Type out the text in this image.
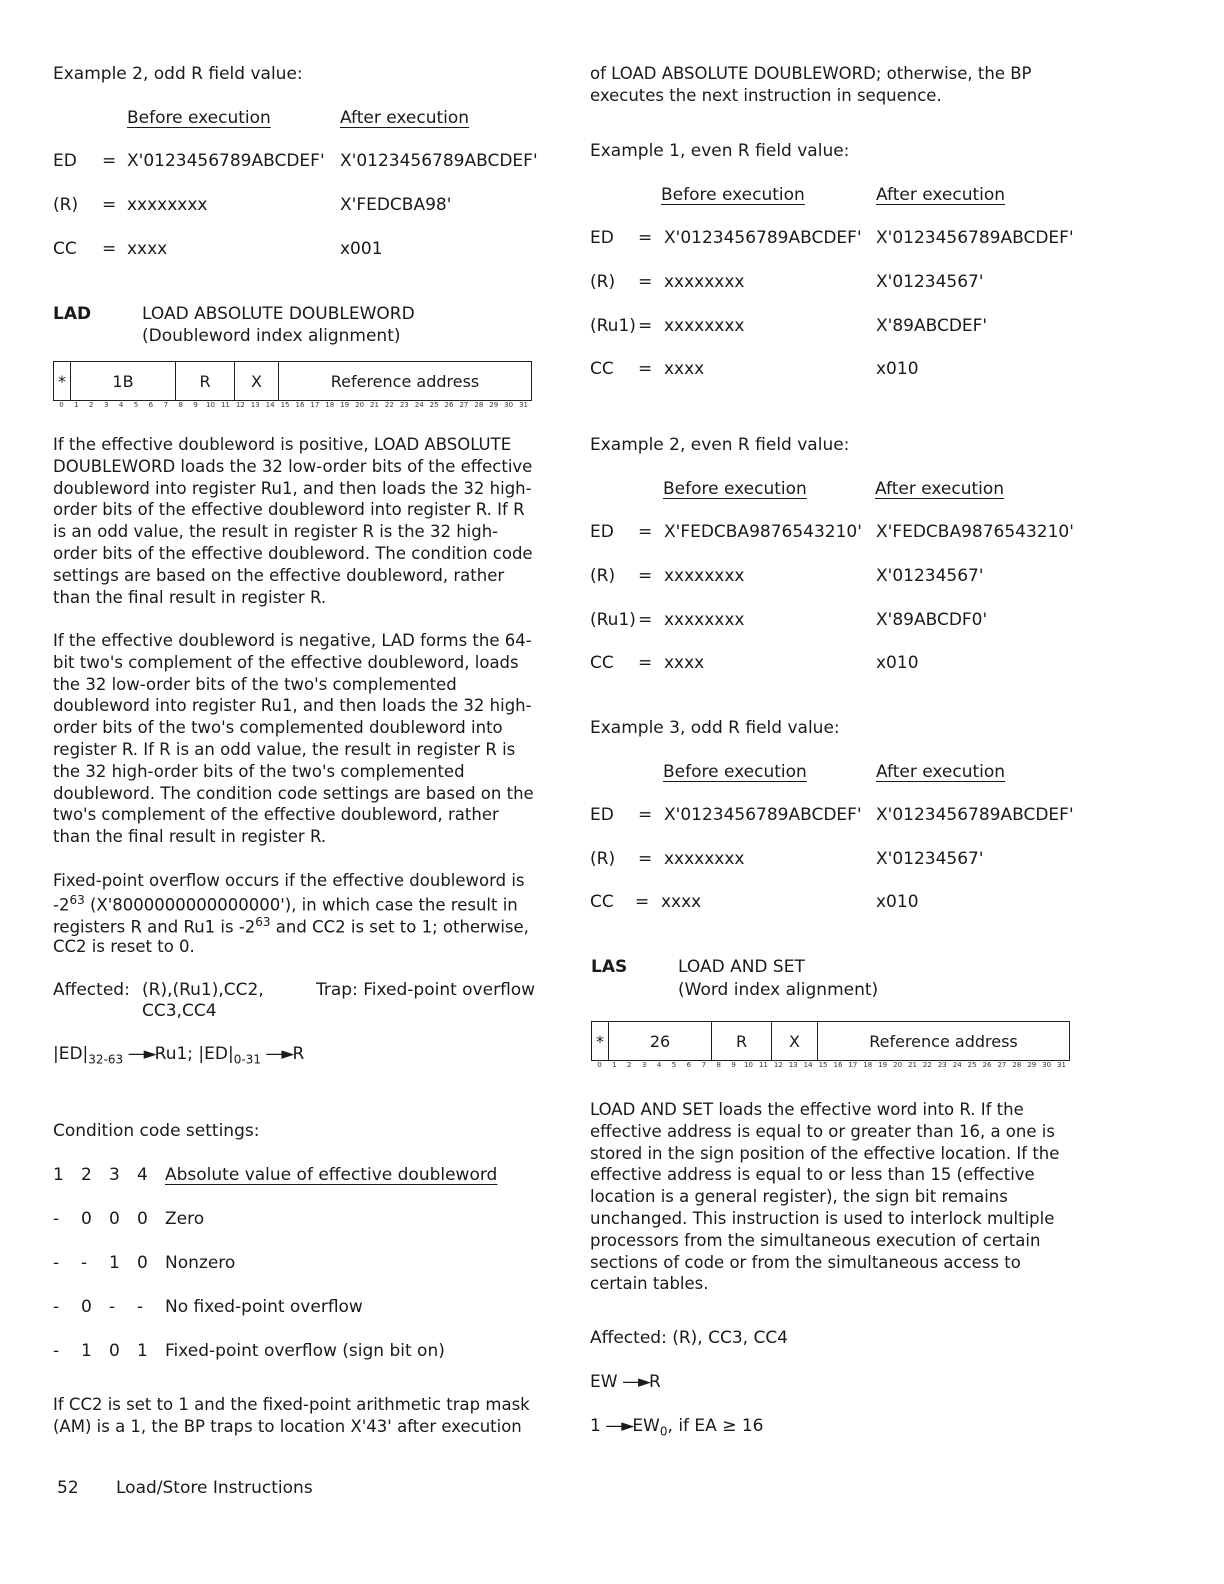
Example 2, odd R field value:
Before execution	After execution
ED = X'0123456789ABCDEF' X'0123456789ABCDEF'
(R) = xxxxxxxx	X'FEDCBA98'
CC = xxxx	x001
LAD	LOAD ABSOLUTE DOUBLEWORD
(Doubleword index alignment)
*	1B	R	X	Reference address
0	1	2	3	4	5	6	7	8	9	10 11 12 13 14 15 16 17 18 19 20 21 22 23 24 25 26 27 28 29 30 31
If the effective doubleword is positive, LOAD ABSOLUTE DOUBLEWORD loads the 32 low-order bits of the effective doubleword into register Ru1, and then loads the 32 high-order bits of the effective doubleword into register R. If R is an odd value, the result in register R is the 32 high-order bits of the effective doubleword. The condition code settings are based on the effective doubleword, rather than the final result in register R.
If the effective doubleword is negative, LAD forms the 64-bit two's complement of the effective doubleword, loads the 32 low-order bits of the two's complemented doubleword into register Ru1, and then loads the 32 high-order bits of the two's complemented doubleword into register R. If R is an odd value, the result in register R is the 32 high-order bits of the two's complemented doubleword. The condition code settings are based on the two's complement of the effective doubleword, rather than the final result in register R.
Fixed-point overflow occurs if the effective doubleword is
$-2^{63}$ (X'8000000000000000'), in which case the result in
registers R and Ru1 is $-2^{63}$ and CC2 is set to 1; otherwise,
CC2 is reset to 0.
Affected: (R),(Ru1),CC2,
CC3,CC4
Trap: Fixed-point overflow
$|ED|_{32-63}$ ―►Ru1; $|ED|_{0-31}$ ―►R
Condition code settings:
1 2 3 4 Absolute value of effective doubleword
- 0 0 0 Zero
- - 1 0 Nonzero
- 0 - - No fixed-point overflow
- 1 0 1 Fixed-point overflow (sign bit on)
If CC2 is set to 1 and the fixed-point arithmetic trap mask (AM) is a 1, the BP traps to location X'43' after execution
of LOAD ABSOLUTE DOUBLEWORD; otherwise, the BP executes the next instruction in sequence.
Example 1, even R field value:
Before execution	After execution
ED = X'0123456789ABCDEF' X'0123456789ABCDEF'
(R) = xxxxxxxx	X'01234567'
(Ru1) = xxxxxxxx	X'89ABCDEF'
CC = xxxx	x010
Example 2, even R field value:
Before execution	After execution
ED = X'FEDCBA9876543210' X'FEDCBA9876543210'
(R) = xxxxxxxx	X'01234567'
(Ru1) = xxxxxxxx	X'89ABCDF0'
CC = xxxx	x010
Example 3, odd R field value:
Before execution	After execution
ED = X'0123456789ABCDEF' X'0123456789ABCDEF'
(R) = xxxxxxxx	X'01234567'
CC = xxxx	x010
LAS	LOAD AND SET
(Word index alignment)
*	26	R	X	Reference address
0	1	2	3	4	5	6	7	8	9	10 11 12 13 14 15 16 17 18 19 20 21 22 23 24 25 26 27 28 29 30 31
LOAD AND SET loads the effective word into R. If the effective address is equal to or greater than 16, a one is stored in the sign position of the effective location. If the effective address is equal to or less than 15 (effective location is a general register), the sign bit remains unchanged. This instruction is used to interlock multiple processors from the simultaneous execution of certain sections of code or from the simultaneous access to certain tables.
Affected: (R), CC3, CC4
EW ―►R
1 $―►EW_0$, if EA ≥ 16
52 Load/Store Instructions
